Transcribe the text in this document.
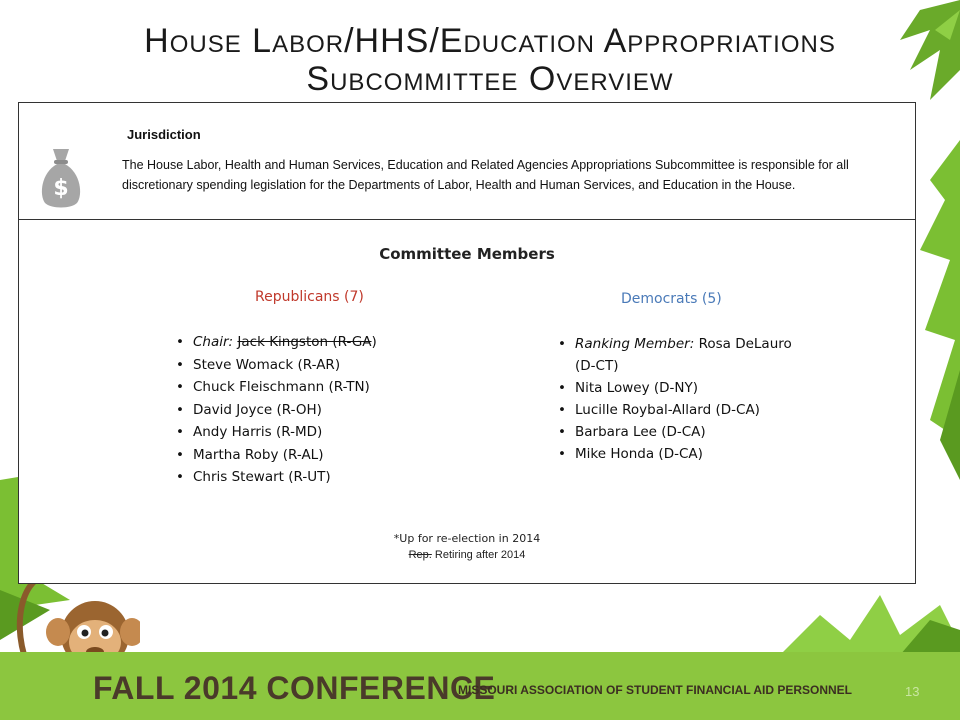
House Labor/HHS/Education Appropriations
Subcommittee Overview
$
Jurisdiction
The House Labor, Health and Human Services, Education and Related Agencies Appropriations Subcommittee is responsible for all discretionary spending legislation for the Departments of Labor, Health and Human Services, and Education in the House.
Committee Members
Republicans (7)	Democrats (5)
• Chair: Jack Kingston (R-GA)
• Steve Womack (R-AR)
• Chuck Fleischmann (R-TN)
• David Joyce (R-OH)
• Andy Harris (R-MD)
• Martha Roby (R-AL)
• Chris Stewart (R-UT)
• Ranking Member: Rosa DeLauro (D-CT)
• Nita Lowey (D-NY)
• Lucille Roybal-Allard (D-CA)
• Barbara Lee (D-CA)
• Mike Honda (D-CA)
*Up for re-election in 2014
Rep. Retiring after 2014
FALL 2014 CONFERENCE
MISSOURI ASSOCIATION OF STUDENT FINANCIAL AID PERSONNEL	13
